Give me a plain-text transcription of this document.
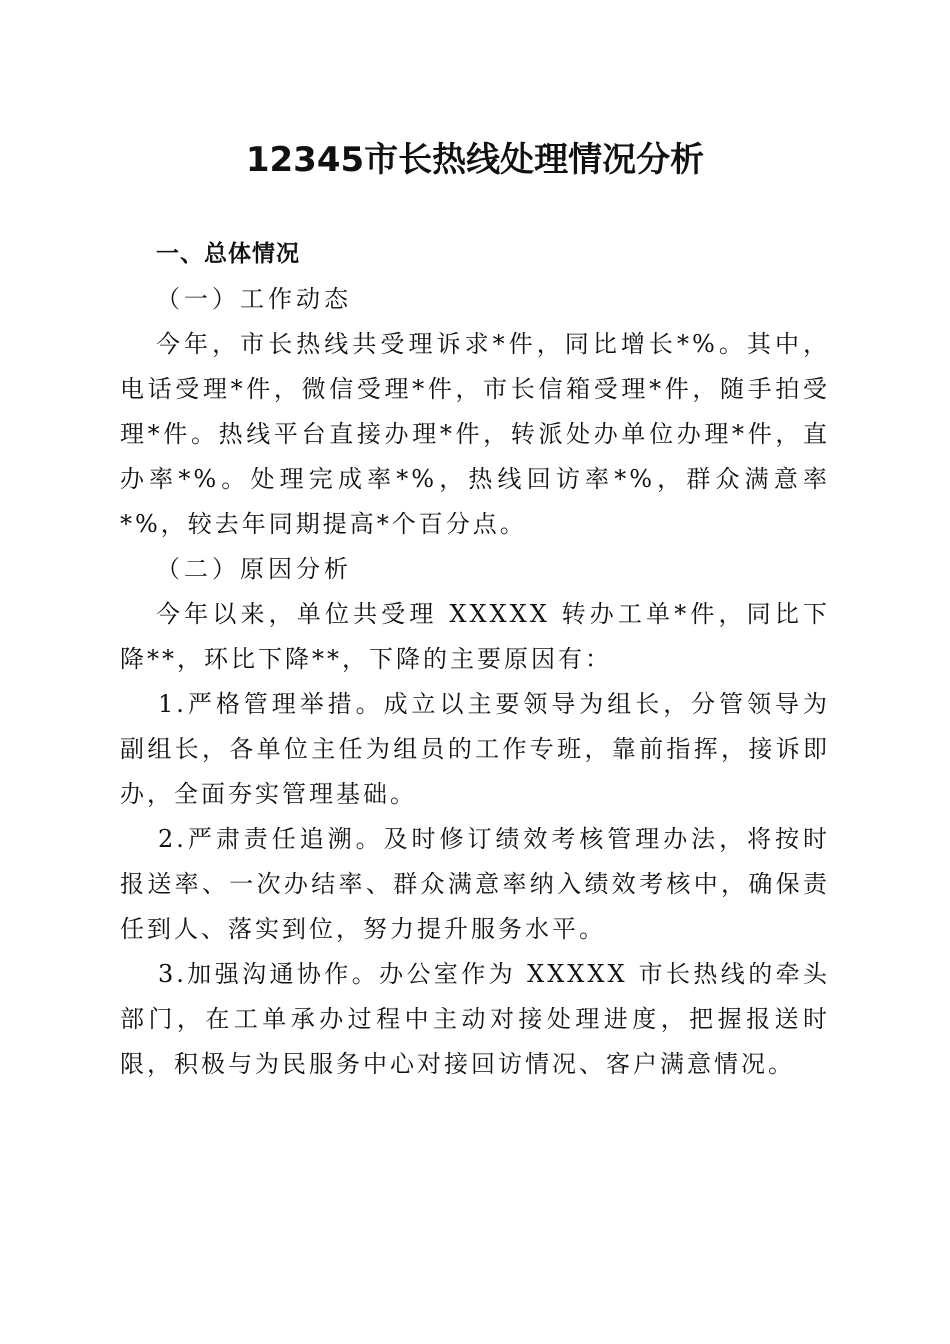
12345市长热线处理情况分析
一、总体情况
（一）工作动态

今年，市长热线共受理诉求*件，同比增长*%。其中，电话受理*件，微信受理*件，市长信箱受理*件，随手拍受理*件。热线平台直接办理*件，转派处办单位办理*件，直办率*%。处理完成率*%，热线回访率*%，群众满意率*%，较去年同期提高*个百分点。

（二）原因分析

今年以来，单位共受理 XXXXX 转办工单*件，同比下降**，环比下降**，下降的主要原因有：

1.严格管理举措。成立以主要领导为组长，分管领导为副组长，各单位主任为组员的工作专班，靠前指挥，接诉即办，全面夯实管理基础。

2.严肃责任追溯。及时修订绩效考核管理办法，将按时报送率、一次办结率、群众满意率纳入绩效考核中，确保责任到人、落实到位，努力提升服务水平。

3.加强沟通协作。办公室作为 XXXXX 市长热线的牵头部门，在工单承办过程中主动对接处理进度，把握报送时限，积极与为民服务中心对接回访情况、客户满意情况。
